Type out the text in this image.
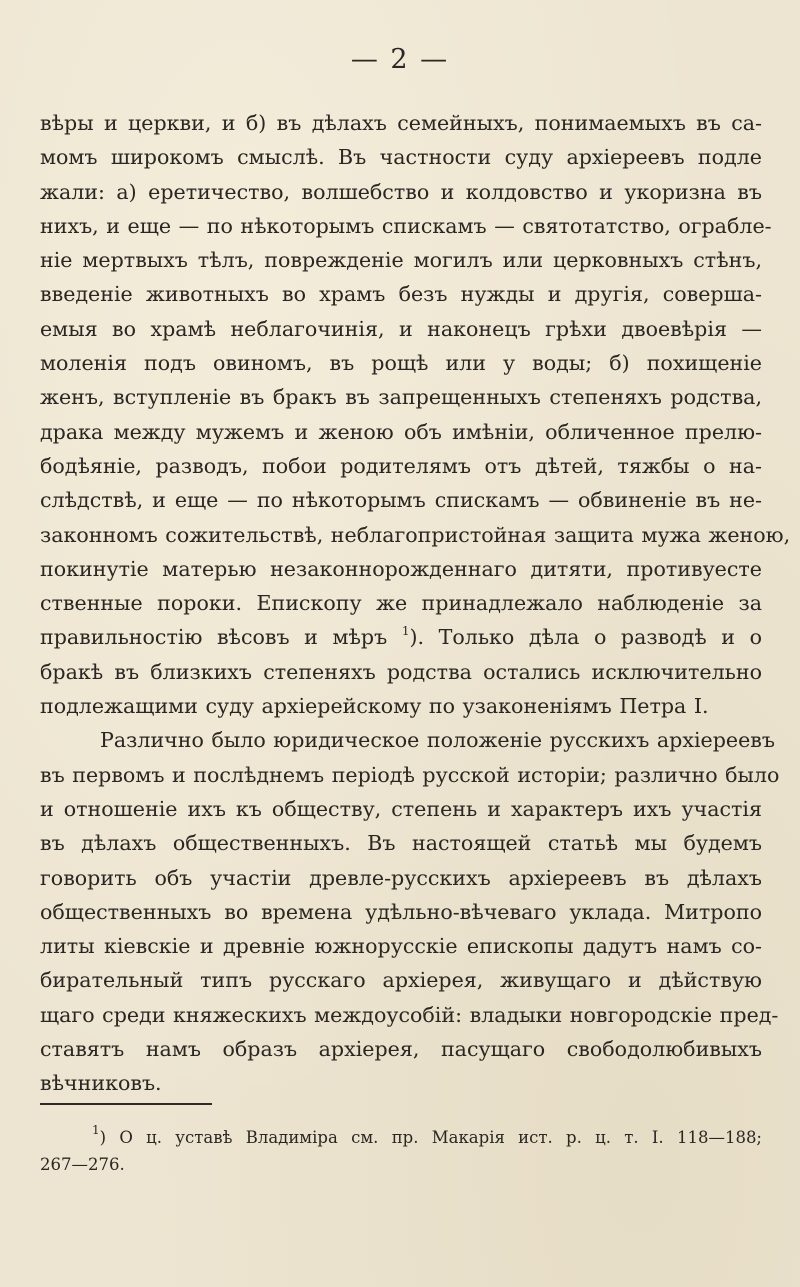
— 2 —
вѣры и церкви, и б) въ дѣлахъ семейныхъ, понимаемыхъ въ са-
момъ широкомъ смыслѣ. Въ частности суду архіереевъ подле
жали: а) еретичество, волшебство и колдовство и укоризна въ
нихъ, и еще — по нѣкоторымъ спискамъ — святотатство, ограбле-
ніе мертвыхъ тѣлъ, поврежденіе могилъ или церковныхъ стѣнъ,
введеніе животныхъ во храмъ безъ нужды и другія, соверша-
емыя во храмѣ неблагочинія, и наконецъ грѣхи двоевѣрія —
моленія подъ овиномъ, въ рощѣ или у воды; б) похищеніе
женъ, вступленіе въ бракъ въ запрещенныхъ степеняхъ родства,
драка между мужемъ и женою объ имѣніи, обличенное прелю-
бодѣяніе, разводъ, побои родителямъ отъ дѣтей, тяжбы о на-
слѣдствѣ, и еще — по нѣкоторымъ спискамъ — обвиненіе въ не-
законномъ сожительствѣ, неблагопристойная защита мужа женою,
покинутіе матерью незаконнорожденнаго дитяти, противуесте
ственные пороки. Епископу же принадлежало наблюденіе за
правильностію вѣсовъ и мѣръ $^1$). Только дѣла о разводѣ и о
бракѣ въ близкихъ степеняхъ родства остались исключительно
подлежащими суду архіерейскому по узаконеніямъ Петра I.
Различно было юридическое положеніе русскихъ архіереевъ
въ первомъ и послѣднемъ періодѣ русской исторіи; различно было
и отношеніе ихъ къ обществу, степень и характеръ ихъ участія
въ дѣлахъ общественныхъ. Въ настоящей статьѣ мы будемъ
говорить объ участіи древле-русскихъ архіереевъ въ дѣлахъ
общественныхъ во времена удѣльно-вѣчеваго уклада. Митропо
литы кіевскіе и древніе южнорусскіе епископы дадутъ намъ со-
бирательный типъ русскаго архіерея, живущаго и дѣйствую
щаго среди княжескихъ междоусобій: владыки новгородскіе пред-
ставятъ намъ образъ архіерея, пасущаго свободолюбивыхъ
вѣчниковъ.
$^1$) О ц. уставѣ Владиміра см. пр. Макарія ист. р. ц. т. I. 118—188;
267—276.
